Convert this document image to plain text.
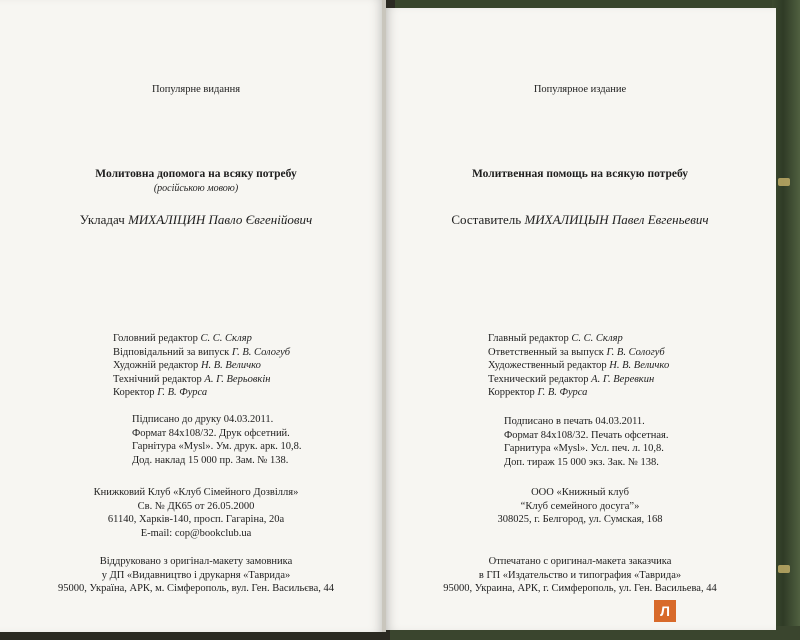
Популярне видання
Молитовна допомога на всяку потребу
(російською мовою)
Укладач МИХАЛІЦИН Павло Євгенійович
Головний редактор С. С. Скляр
Відповідальний за випуск Г. В. Сологуб
Художній редактор Н. В. Величко
Технічний редактор А. Г. Верьовкін
Коректор Г. В. Фурса
Підписано до друку 04.03.2011.
Формат 84х108/32. Друк офсетний.
Гарнітура «Mysl». Ум. друк. арк. 10,8.
Дод. наклад 15 000 пр. Зам. № 138.
Книжковий Клуб «Клуб Сімейного Дозвілля»
Св. № ДК65 от 26.05.2000
61140, Харків-140, просп. Гагаріна, 20а
E-mail: cop@bookclub.ua
Віддруковано з оригінал-макету замовника
у ДП «Видавництво і друкарня «Таврида»
95000, Україна, АРК, м. Сімферополь, вул. Ген. Васильєва, 44
Популярное издание
Молитвенная помощь на всякую потребу
Составитель МИХАЛИЦЫН Павел Евгеньевич
Главный редактор С. С. Скляр
Ответственный за выпуск Г. В. Сологуб
Художественный редактор Н. В. Величко
Технический редактор А. Г. Веревкин
Корректор Г. В. Фурса
Подписано в печать 04.03.2011.
Формат 84х108/32. Печать офсетная.
Гарнитура «Mysl». Усл. печ. л. 10,8.
Доп. тираж 15 000 экз. Зак. № 138.
ООО «Книжный клуб
“Клуб семейного досуга”»
308025, г. Белгород, ул. Сумская, 168
Отпечатано с оригинал-макета заказчика
в ГП «Издательство и типография «Таврида»
95000, Украина, АРК, г. Симферополь, ул. Ген. Васильева, 44
Л
